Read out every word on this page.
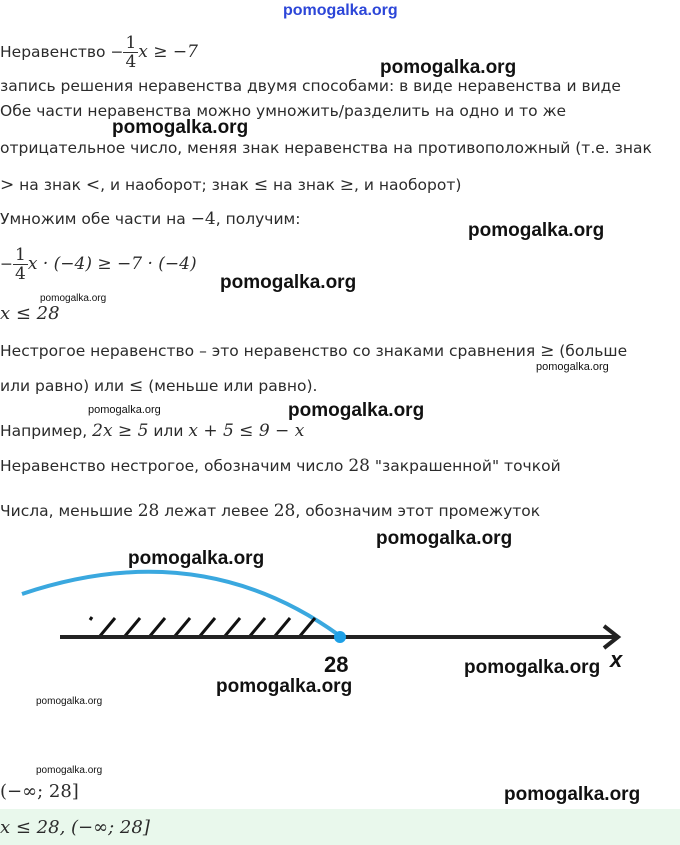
pomogalka.org
Неравенство − $\frac{1}{4}$ x ≥ −7
запись решения неравенства двумя способами: в виде неравенства и виде
Обе части неравенства можно умножить/разделить на одно и то же
отрицательное число, меняя знак неравенства на противоположный (т.е. знак
> на знак <, и наоборот; знак ≤ на знак ≥, и наоборот)
Умножим обе части на −4, получим:
− $\frac{1}{4}$ x · (−4) ≥ −7 · (−4)
x ≤ 28
Нестрогое неравенство – это неравенство со знаками сравнения ≥ (больше
или равно) или ≤ (меньше или равно).
Например, 2x ≥ 5 или x + 5 ≤ 9 − x
Неравенство нестрогое, обозначим число 28 "закрашенной" точкой
Числа, меньшие 28 лежат левее 28, обозначим этот промежуток
28	x
(−∞; 28]
x ≤ 28, (−∞; 28]
pomogalka.org
pomogalka.org
pomogalka.org
pomogalka.org
pomogalka.org
pomogalka.org
pomogalka.org	pomogalka.org
pomogalka.org
pomogalka.org
pomogalka.org
pomogalka.org
pomogalka.org
pomogalka.org
pomogalka.org
